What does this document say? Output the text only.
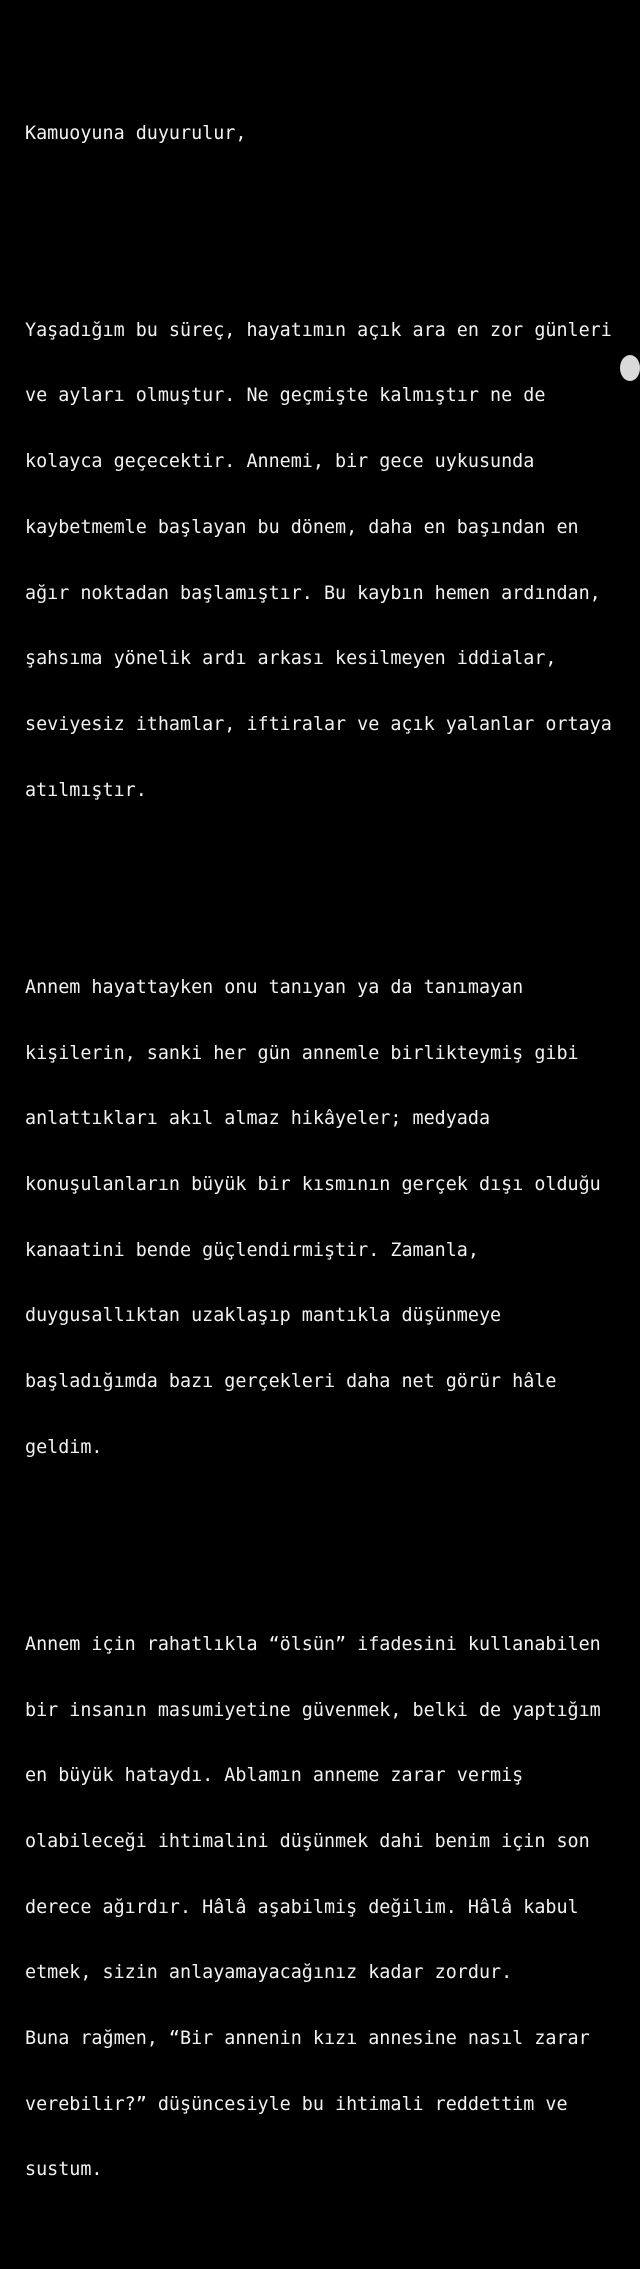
Kamuoyuna duyurulur,

Yaşadığım bu süreç, hayatımın açık ara en zor günleri

ve ayları olmuştur. Ne geçmişte kalmıştır ne de

kolayca geçecektir. Annemi, bir gece uykusunda

kaybetmemle başlayan bu dönem, daha en başından en

ağır noktadan başlamıştır. Bu kaybın hemen ardından,

şahsıma yönelik ardı arkası kesilmeyen iddialar,

seviyesiz ithamlar, iftiralar ve açık yalanlar ortaya

atılmıştır.

Annem hayattayken onu tanıyan ya da tanımayan

kişilerin, sanki her gün annemle birlikteymiş gibi

anlattıkları akıl almaz hikâyeler; medyada

konuşulanların büyük bir kısmının gerçek dışı olduğu

kanaatini bende güçlendirmiştir. Zamanla,

duygusallıktan uzaklaşıp mantıkla düşünmeye

başladığımda bazı gerçekleri daha net görür hâle

geldim.

Annem için rahatlıkla “ölsün” ifadesini kullanabilen

bir insanın masumiyetine güvenmek, belki de yaptığım

en büyük hataydı. Ablamın anneme zarar vermiş

olabileceği ihtimalini düşünmek dahi benim için son

derece ağırdır. Hâlâ aşabilmiş değilim. Hâlâ kabul

etmek, sizin anlayamayacağınız kadar zordur.

Buna rağmen, “Bir annenin kızı annesine nasıl zarar

verebilir?” düşüncesiyle bu ihtimali reddettim ve

sustum.
